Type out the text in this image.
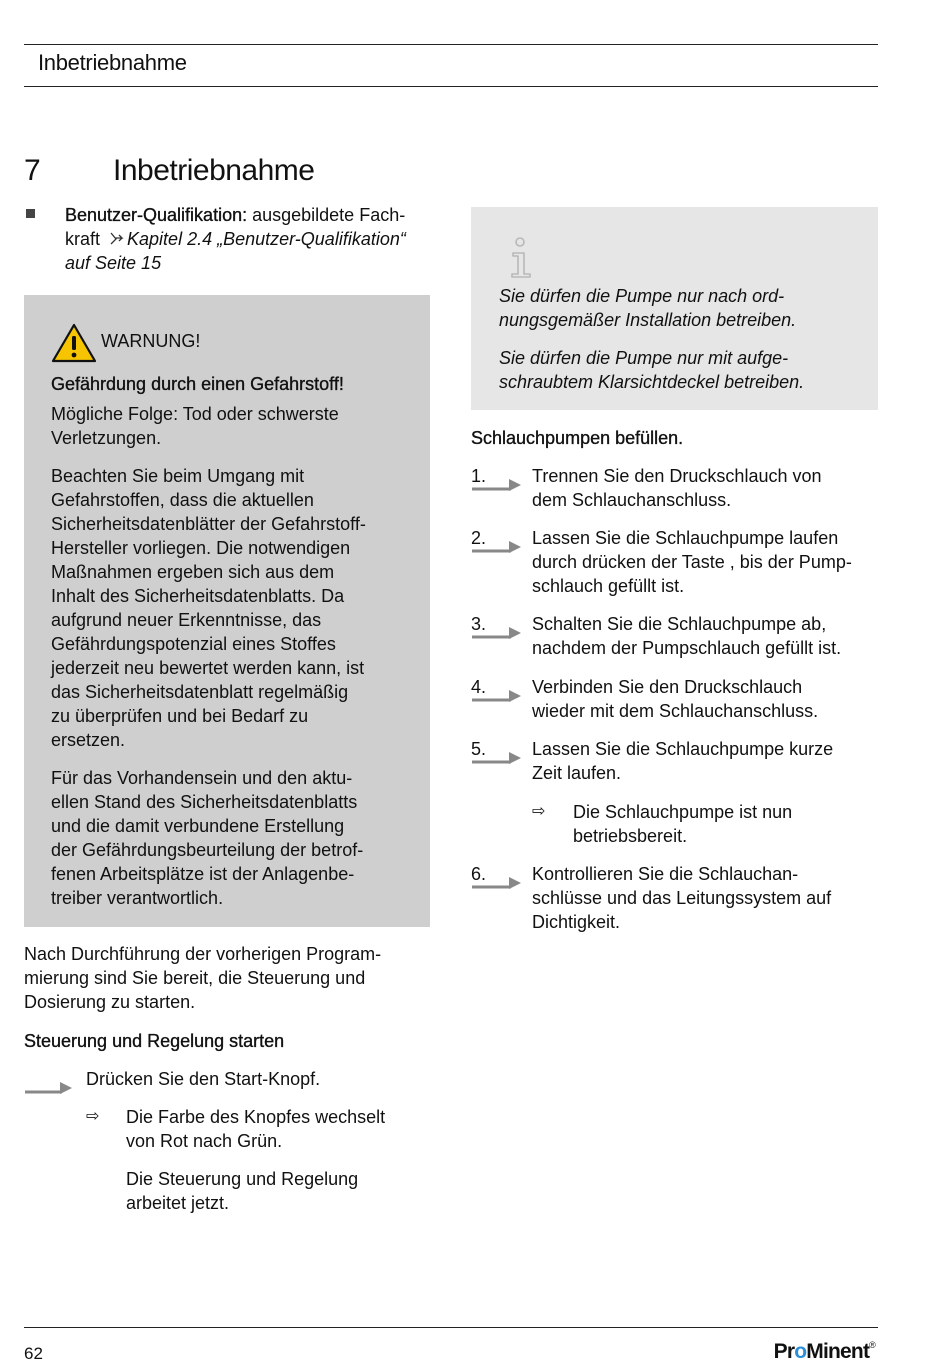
Inbetriebnahme
7 Inbetriebnahme
Benutzer-Qualifikation: ausgebildete Fach-
kraft Kapitel 2.4 „Benutzer-Qualifikation“
auf Seite 15
WARNUNG!
Gefährdung durch einen Gefahrstoff!
Mögliche Folge: Tod oder schwerste
Verletzungen.
Beachten Sie beim Umgang mit
Gefahrstoffen, dass die aktuellen
Sicherheitsdatenblätter der Gefahrstoff-
Hersteller vorliegen. Die notwendigen
Maßnahmen ergeben sich aus dem
Inhalt des Sicherheitsdatenblatts. Da
aufgrund neuer Erkenntnisse, das
Gefährdungspotenzial eines Stoffes
jederzeit neu bewertet werden kann, ist
das Sicherheitsdatenblatt regelmäßig
zu überprüfen und bei Bedarf zu
ersetzen.
Für das Vorhandensein und den aktu-
ellen Stand des Sicherheitsdatenblatts
und die damit verbundene Erstellung
der Gefährdungsbeurteilung der betrof-
fenen Arbeitsplätze ist der Anlagenbe-
treiber verantwortlich.
Nach Durchführung der vorherigen Program-
mierung sind Sie bereit, die Steuerung und
Dosierung zu starten.
Steuerung und Regelung starten
Drücken Sie den Start-Knopf.
⇨ Die Farbe des Knopfes wechselt
von Rot nach Grün.
Die Steuerung und Regelung
arbeitet jetzt.
Sie dürfen die Pumpe nur nach ord-
nungsgemäßer Installation betreiben.
Sie dürfen die Pumpe nur mit aufge-
schraubtem Klarsichtdeckel betreiben.
Schlauchpumpen befüllen.
1.	Trennen Sie den Druckschlauch von
dem Schlauchanschluss.
2.	Lassen Sie die Schlauchpumpe laufen
durch drücken der Taste , bis der Pump-
schlauch gefüllt ist.
3.	Schalten Sie die Schlauchpumpe ab,
nachdem der Pumpschlauch gefüllt ist.
4.	Verbinden Sie den Druckschlauch
wieder mit dem Schlauchanschluss.
5.	Lassen Sie die Schlauchpumpe kurze
Zeit laufen.
⇨ Die Schlauchpumpe ist nun
betriebsbereit.
6.	Kontrollieren Sie die Schlauchan-
schlüsse und das Leitungssystem auf
Dichtigkeit.
62	ProMinent®
